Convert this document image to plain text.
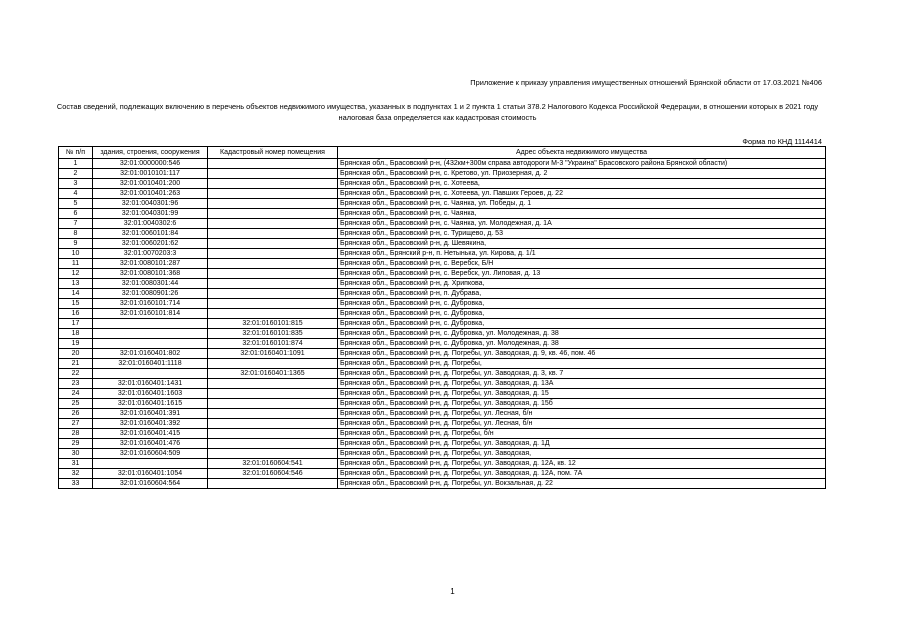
Приложение к приказу управления имущественных отношений Брянской области от 17.03.2021 №406
Состав сведений, подлежащих включению в перечень объектов недвижимого имущества, указанных в подпунктах 1 и 2 пункта 1 статьи 378.2 Налогового Кодекса Российской Федерации, в отношении которых в 2021 году налоговая база определяется как кадастровая стоимость
Форма по КНД 1114414
№ п/п	здания, строения, сооружения	Кадастровый номер помещения	Адрес объекта недвижимого имущества
1	32:01:0000000:546		Брянская обл., Брасовский р-н, (432км+300м справа автодороги М-3 "Украина" Брасовского района Брянской области)
2	32:01:0010101:117		Брянская обл., Брасовский р-н, с. Кретово, ул. Приозерная, д. 2
3	32:01:0010401:200		Брянская обл., Брасовский р-н, с. Хотеева,
4	32:01:0010401:263		Брянская обл., Брасовский р-н, с. Хотеева, ул. Павших Героев, д. 22
5	32:01:0040301:96		Брянская обл., Брасовский р-н, с. Чаянка, ул. Победы, д. 1
6	32:01:0040301:99		Брянская обл., Брасовский р-н, с. Чаянка,
7	32:01:0040302:6		Брянская обл., Брасовский р-н, с. Чаянка, ул. Молодежная, д. 1А
8	32:01:0060101:84		Брянская обл., Брасовский р-н, с. Турищево, д. 53
9	32:01:0060201:62		Брянская обл., Брасовский р-н, д. Шевякина,
10	32:01:0070203:3		Брянская обл., Брянский р-н, п. Нетынька, ул. Кирова, д. 1/1
11	32:01:0080101:287		Брянская обл., Брасовский р-н, с. Веребск, Б/Н
12	32:01:0080101:368		Брянская обл., Брасовский р-н, с. Веребск, ул. Липовая, д. 13
13	32:01:0080301:44		Брянская обл., Брасовский р-н, д. Хрипкова,
14	32:01:0080901:26		Брянская обл., Брасовский р-н, п. Дубрава,
15	32:01:0160101:714		Брянская обл., Брасовский р-н, с. Дубровка,
16	32:01:0160101:814		Брянская обл., Брасовский р-н, с. Дубровка,
17		32:01:0160101:815	Брянская обл., Брасовский р-н, с. Дубровка,
18		32:01:0160101:835	Брянская обл., Брасовский р-н, с. Дубровка, ул. Молодежная, д. 38
19		32:01:0160101:874	Брянская обл., Брасовский р-н, с. Дубровка, ул. Молодежная, д. 38
20	32:01:0160401:802	32:01:0160401:1091	Брянская обл., Брасовский р-н, д. Погребы, ул. Заводская, д. 9, кв. 46, пом. 46
21	32:01:0160401:1118		Брянская обл., Брасовский р-н, д. Погребы,
22		32:01:0160401:1365	Брянская обл., Брасовский р-н, д. Погребы, ул. Заводская, д. 3, кв. 7
23	32:01:0160401:1431		Брянская обл., Брасовский р-н, д. Погребы, ул. Заводская, д. 13А
24	32:01:0160401:1603		Брянская обл., Брасовский р-н, д. Погребы, ул. Заводская, д. 15
25	32:01:0160401:1615		Брянская обл., Брасовский р-н, д. Погребы, ул. Заводская, д. 15б
26	32:01:0160401:391		Брянская обл., Брасовский р-н, д. Погребы, ул. Лесная, б/н
27	32:01:0160401:392		Брянская обл., Брасовский р-н, д. Погребы, ул. Лесная, б/н
28	32:01:0160401:415		Брянская обл., Брасовский р-н, д. Погребы, б/н
29	32:01:0160401:476		Брянская обл., Брасовский р-н, д. Погребы, ул. Заводская, д. 1Д
30	32:01:0160604:509		Брянская обл., Брасовский р-н, д. Погребы, ул. Заводская,
31		32:01:0160604:541	Брянская обл., Брасовский р-н, д. Погребы, ул. Заводская, д. 12А, кв. 12
32	32:01:0160401:1054	32:01:0160604:546	Брянская обл., Брасовский р-н, д. Погребы, ул. Заводская, д. 12А, пом. 7А
33	32:01:0160604:564		Брянская обл., Брасовский р-н, д. Погребы, ул. Вокзальная, д. 22
1
